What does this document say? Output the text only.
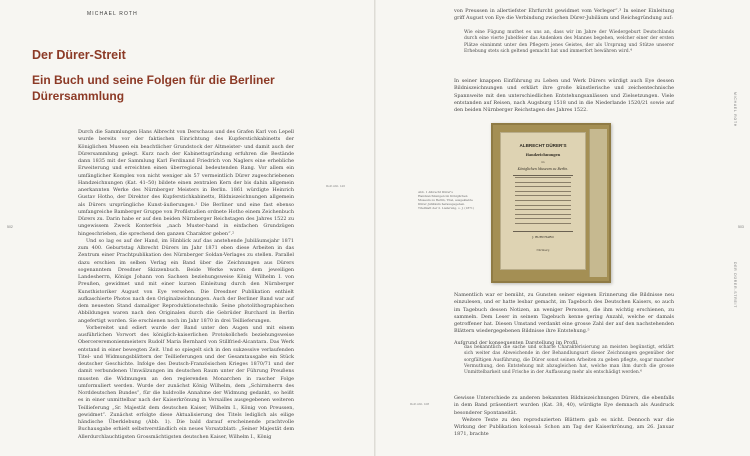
MICHAEL ROTH
Der Dürer-Streit
Ein Buch und seine Folgen für die Berliner Dürersammlung
502
Roth Abb. 120

Durch die Sammlungen Hans Albrecht von Derschaus und des Grafen Karl von Lepell wurde bereits vor der faktischen Einrichtung des Kupferstichkabinetts der Königlichen Museen ein beachtlicher Grundstock der Altmeister- und damit auch der Dürersammlung gelegt. Kurz nach der Kabinettsgründung erfuhren die Bestände dann 1835 mit der Sammlung Karl Ferdinand Friedrich von Naglers eine erhebliche Erweiterung und erreichten einen überregional bedeutenden Rang. Vor allem ein umfänglicher Komplex von nicht weniger als 57 vermeintlich Dürer zugeschriebenen Handzeichnungen (Kat. 41–50) bildete einen zentralen Kern der bis dahin allgemein anerkannten Werke des Nürnberger Meisters in Berlin. 1861 würdigte Heinrich Gustav Hotho, der Direktor des Kupferstichkabinetts, Bildniszeichnungen allgemein als Dürers ursprüngliche Kunst-äußerungen.¹ Die Berliner und eine fast ebenso umfangreiche Bamberger Gruppe von Profilstudien ordnete Hotho einem Zeichenbuch Dürers zu. Darin habe er auf den beiden Nürnberger Reichstagen des Jahres 1522 zu ungewissem Zweck Konterfeis „nach Muster-hand in einfachen Grundzügen hingeschrieben, die sprechend den ganzen Charakter geben“.²

Und so lag es auf der Hand, im Hinblick auf das anstehende Jubiläumsjahr 1871 zum 400. Geburtstag Albrecht Dürers im Jahr 1871 eben diese Arbeiten in das Zentrum einer Prachtpublikation des Nürnberger Soldan-Verlages zu stellen. Parallel dazu erschien im selben Verlag ein Band über die Zeichnungen aus Dürers sogenanntem Dresdner Skizzenbuch. Beide Werke waren dem jeweiligen Landesherrn, Königs Johann von Sachsen beziehungsweise König Wilhelm I. von Preußen, gewidmet und mit einer kurzen Einleitung durch den Nürnberger Kunsthistoriker August von Eye versehen. Die Dresdner Publikation enthielt aufkaschierte Photos nach den Originalzeichnungen. Auch der Berliner Band war auf dem neuesten Stand damaliger Reproduktionstechnik: Seine photolithographischen Abbildungen waren nach den Originalen durch die Gebrüder Burchard in Berlin angefertigt worden. Sie erschienen noch im Jahr 1870 in drei Teillieferungen.

Vorbereitet und ediert wurde der Band unter den Augen und mit einem ausführlichen Vorwort des königlich-kaiserlichen Protokollchefs beziehungsweise Obercereremonienmeisters Rudolf Maria Bernhard von Stillfried-Alcantara. Das Werk entstand in einer bewegten Zeit. Und so spiegelt sich in den sukzessive verlaufenden Titel- und Widmungsblättern der Teillieferungen und der Gesamtausgabe ein Stück deutscher Geschichte. Infolge des Deutsch-Französischen Krieges 1870/71 und der damit verbundenen Umwälzungen im deutschen Raum unter der Führung Preußens mussten die Widmungen an den regierenden Monarchen in rascher Folge umformuliert werden. Wurde der zunächst König Wilhelm, dem „Schirmherrn des Norddeutschen Bundes“, für die huldvolle Annahme der Widmung gedankt, so heißt es in einer unmittelbar nach der Kaiserkrönung in Versailles ausgegebenen weiteren Teillieferung „Sr. Majestät dem deutschen Kaiser, Wilhelm I., König von Preussen, gewidmet“. Zunächst erfolgte diese Aktualisierung des Titels lediglich als eilige händische Überklebung (Abb. 1). Die bald darauf erscheinende prachtvolle Buchausgabe erhielt selbstverständlich ein neues Vorsatzblatt: „Seiner Majestät dem Allerdurchlauchtigsten Grossmächtigsten deutschen Kaiser, Wilhelm I., König

503
MICHAEL ROTH
DER DÜRER-STREIT
Roth Abb. 108

von Preussen in allertiefster Ehrfurcht gewidmet vom Verleger“.³ In seiner Einleitung griff August von Eye die Verbindung zwischen Dürer-Jubiläum und Reichsgründung auf:

Wie eine Fügung muthet es uns an, dass wir im Jahre der Wiedergeburt Deutschlands durch eine vierte Jubelfeier das Andenken des Mannes begehen, welcher einer der ersten Plätze einnimmt unter den Pflegern jenes Geistes, der als Ursprung und Stütze unserer Erhebung stets sich geltend gemacht hat und immerfort bewähren wird.⁴

In seiner knappen Einführung zu Leben und Werk Dürers würdigt auch Eye dessen Bildniszeichnungen und erklärt ihre große künstlerische und zeichentechnische Spannweite mit den unterschiedlichen Entstehungsanlässen und Zielsetzungen. Viele entstanden auf Reisen, nach Augsburg 1518 und in die Niederlande 1520/21 sowie auf den beiden Nürnberger Reichstagen des Jahres 1522.

Abb. 1 Albrecht Dürer's Handzeichnungen im Königlichen Museum zu Berlin, Titel, ausgeklebte Dürer-Jubiläum herausgegeben. Titelblatt der 2. Lieferung, o. J. (1871)

ALBRECHT DÜRER'S
Handzeichnungen
im
Königlichen Museum zu Berlin.
J. BURCHARD
Nürnberg

Namentlich war er bemüht, zu Gunsten seiner eigenen Erinnerung die Bildnisse neu einzulesen, und er hatte lesbar gemacht, im Tagebuch des Deutschen Kaisers, so auch im Tagebuch dessen Notizen, an weniger Personen, die ihm wichtig erschienen, zu sammeln. Dem Leser in seinem Tagebuch kenne gering Anzahl, welche er damals getroffener hat. Diesen Umstand verdankt eine grosse Zahl der auf den nachstehenden Blättern wiedergegebenen Bildnisse ihre Entstehung.⁵

Aufgrund der konsequenten Darstellung im Profil,

das bekanntlich die sache und scharfe Charakterisierung an meisten begünstigt, erklärt sich weiter das Abweichende in der Behandlungsart dieser Zeichnungen gegenüber der sorgfältigen Ausführung, die Dürer sonst seinen Arbeiten zu geben pflegte, sogar mancher Vermuthung, den Entstehung mit abzugleichen hat, welche man ihm durch die grosse Unmittelbarkeit und Frische in der Auffassung mehr als entschädigt werden.⁶

Gewisse Unterschiede zu anderen bekannten Bildniszeichnungen Dürers, die ebenfalls in dem Band präsentiert wurden (Kat. 38, 40), würdigte Eye demnach als Ausdruck besonderer Spontaneität.

Weitere Texte zu den reproduzierten Blättern gab es nicht. Dennoch war die Wirkung der Publikation kolossal: Schon am Tag der Kaiserkrönung, am 26. Januar 1871, brachte
